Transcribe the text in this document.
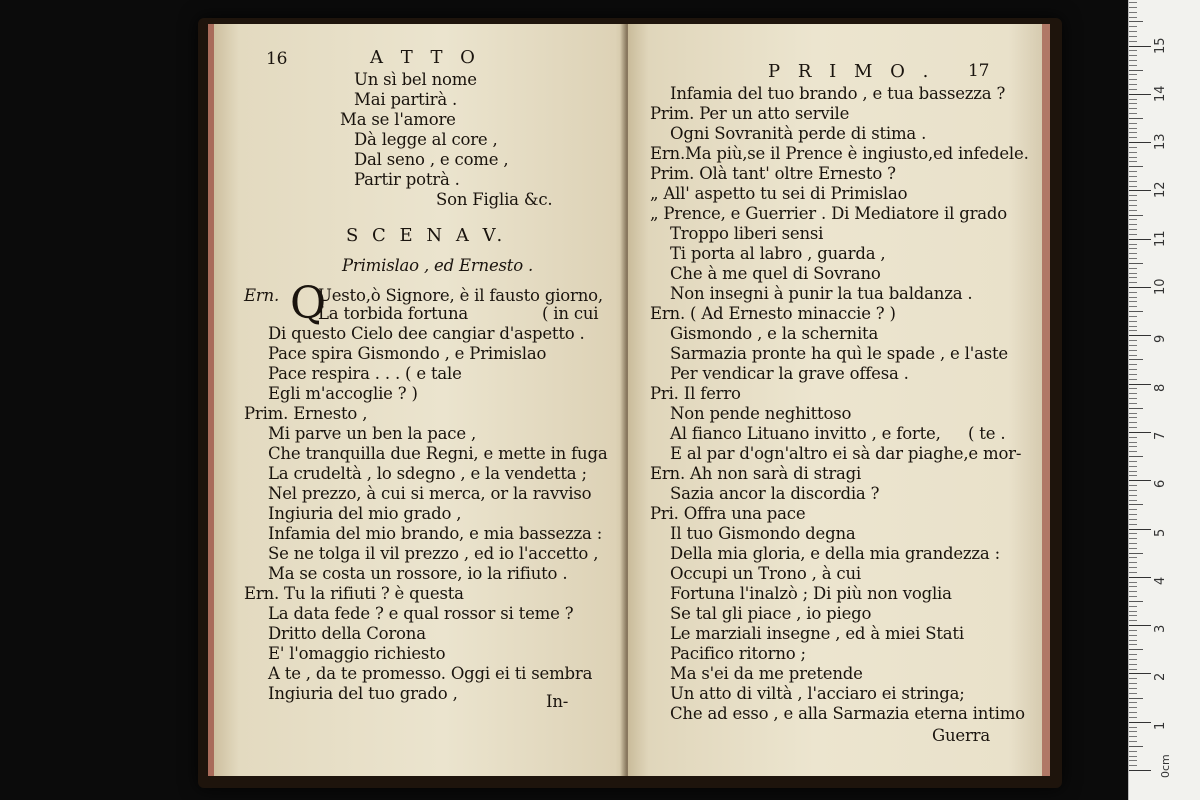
16	A T T O
Un sì bel nome
Mai partirà .
Ma se l'amore
Dà legge al core ,
Dal seno , e come ,
Partir potrà .
Son Figlia &c.
S C E N A V.
Primislao , ed Ernesto .
Ern. Q
Uesto,ò Signore, è il fausto giorno,
La torbida fortuna	( in cui
Di questo Cielo dee cangiar d'aspetto .
Pace spira Gismondo , e Primislao
Pace respira . . . ( e tale
Egli m'accoglie ? )
Prim. Ernesto ,
Mi parve un ben la pace ,
Che tranquilla due Regni, e mette in fuga
La crudeltà , lo sdegno , e la vendetta ;
Nel prezzo, à cui si merca, or la ravviso
Ingiuria del mio grado ,
Infamia del mio brando, e mia bassezza :
Se ne tolga il vil prezzo , ed io l'accetto ,
Ma se costa un rossore, io la rifiuto .
Ern. Tu la rifiuti ? è questa
La data fede ? e qual rossor si teme ?
Dritto della Corona
E' l'omaggio richiesto
A te , da te promesso. Oggi ei ti sembra
Ingiuria del tuo grado ,	In-
P R I M O . 17
Infamia del tuo brando , e tua bassezza ?
Prim. Per un atto servile
Ogni Sovranità perde di stima .
Ern.Ma più,se il Prence è ingiusto,ed infedele.
Prim. Olà tant' oltre Ernesto ?
„ All' aspetto tu sei di Primislao
„ Prence, e Guerrier . Di Mediatore il grado
Troppo liberi sensi
Ti porta al labro , guarda ,
Che à me quel di Sovrano
Non insegni à punir la tua baldanza .
Ern. ( Ad Ernesto minaccie ? )
Gismondo , e la schernita
Sarmazia pronte ha quì le spade , e l'aste
Per vendicar la grave offesa .
Pri. Il ferro
Non pende neghittoso
Al fianco Lituano invitto , e forte, ( te .
E al par d'ogn'altro ei sà dar piaghe,e mor-
Ern. Ah non sarà di stragi
Sazia ancor la discordia ?
Pri. Offra una pace
Il tuo Gismondo degna
Della mia gloria, e della mia grandezza :
Occupi un Trono , à cui
Fortuna l'inalzò ; Di più non voglia
Se tal gli piace , io piego
Le marziali insegne , ed à miei Stati
Pacifico ritorno ;
Ma s'ei da me pretende
Un atto di viltà , l'acciaro ei stringa;
Che ad esso , e alla Sarmazia eterna intimo
Guerra
0cm
1
2
3
4
5
6
7
8
9
10
11
12
13
14
15
